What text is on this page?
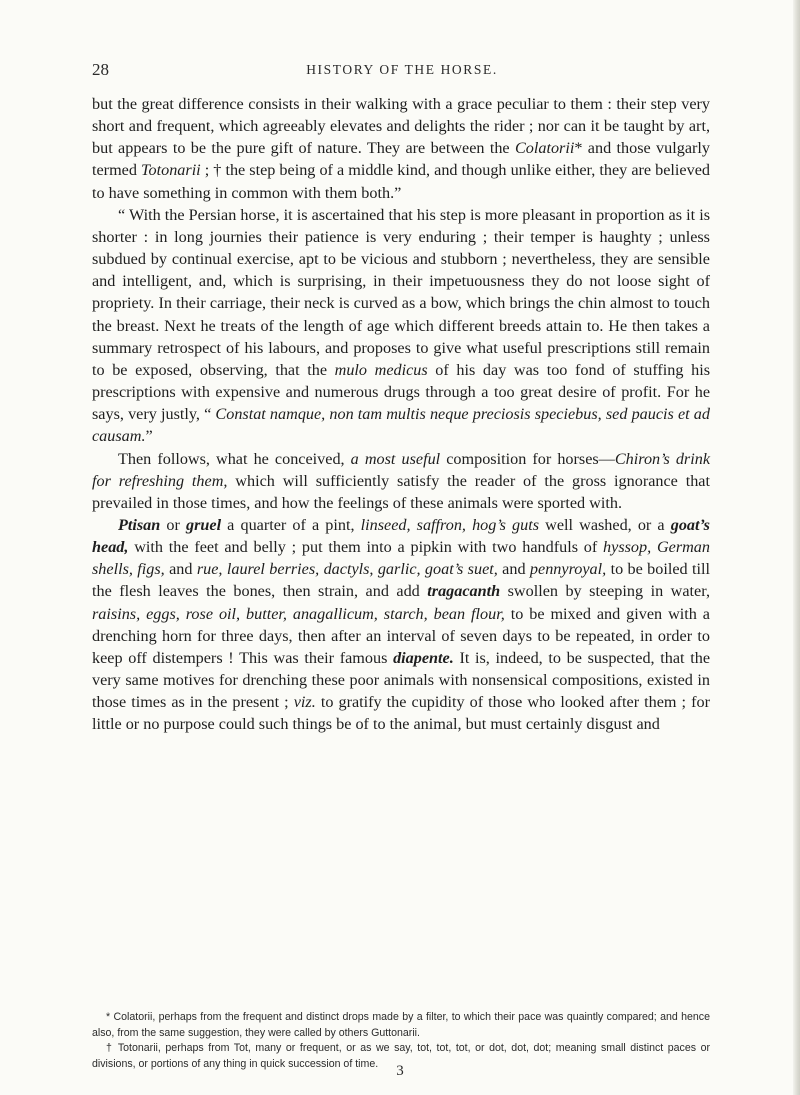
28	HISTORY OF THE HORSE.

but the great difference consists in their walking with a grace peculiar to them : their step very short and frequent, which agreeably elevates and delights the rider ; nor can it be taught by art, but appears to be the pure gift of nature. They are between the Colatorii* and those vulgarly termed Totonarii ; † the step being of a middle kind, and though unlike either, they are believed to have something in common with them both.”

“ With the Persian horse, it is ascertained that his step is more pleasant in proportion as it is shorter : in long journies their patience is very enduring ; their temper is haughty ; unless subdued by continual exercise, apt to be vicious and stubborn ; nevertheless, they are sensible and intelligent, and, which is surprising, in their impetuousness they do not loose sight of propriety. In their carriage, their neck is curved as a bow, which brings the chin almost to touch the breast. Next he treats of the length of age which different breeds attain to. He then takes a summary retrospect of his labours, and proposes to give what useful prescriptions still remain to be exposed, observing, that the mulo medicus of his day was too fond of stuffing his prescriptions with expensive and numerous drugs through a too great desire of profit. For he says, very justly, “ Constat namque, non tam multis neque preciosis speciebus, sed paucis et ad causam.”

Then follows, what he conceived, a most useful composition for horses—Chiron’s drink for refreshing them, which will sufficiently satisfy the reader of the gross ignorance that prevailed in those times, and how the feelings of these animals were sported with.

Ptisan or gruel a quarter of a pint, linseed, saffron, hog’s guts well washed, or a goat’s head, with the feet and belly ; put them into a pipkin with two handfuls of hyssop, German shells, figs, and rue, laurel berries, dactyls, garlic, goat’s suet, and pennyroyal, to be boiled till the flesh leaves the bones, then strain, and add tragacanth swollen by steeping in water, raisins, eggs, rose oil, butter, anagallicum, starch, bean flour, to be mixed and given with a drenching horn for three days, then after an interval of seven days to be repeated, in order to keep off distempers ! This was their famous diapente. It is, indeed, to be suspected, that the very same motives for drenching these poor animals with nonsensical compositions, existed in those times as in the present ; viz. to gratify the cupidity of those who looked after them ; for little or no purpose could such things be of to the animal, but must certainly disgust and

* Colatorii, perhaps from the frequent and distinct drops made by a filter, to which their pace was quaintly compared; and hence also, from the same suggestion, they were called by others Guttonarii.

† Totonarii, perhaps from Tot, many or frequent, or as we say, tot, tot, tot, or dot, dot, dot; meaning small distinct paces or divisions, or portions of any thing in quick succession of time.	3
